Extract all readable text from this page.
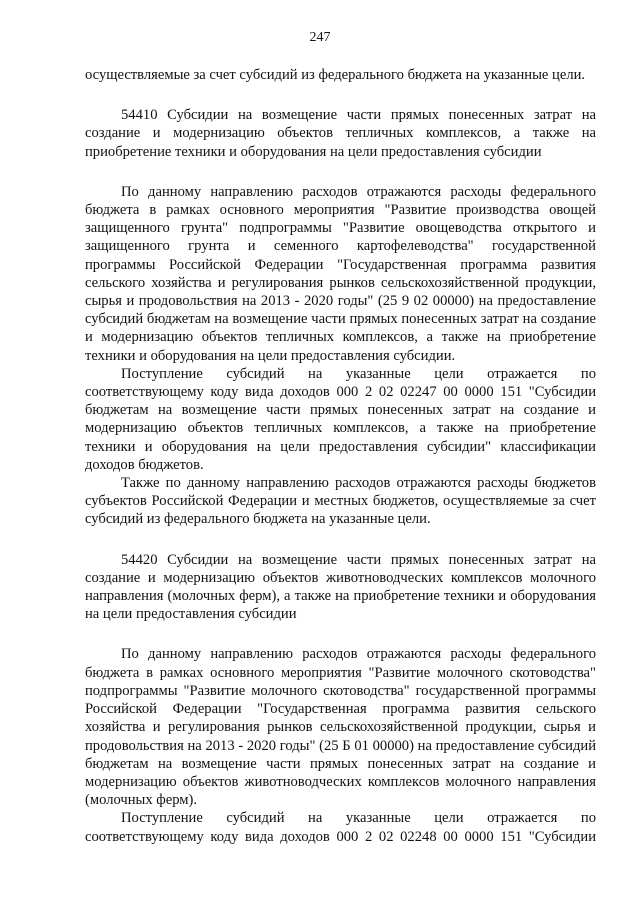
247

осуществляемые за счет субсидий из федерального бюджета на указанные цели.

54410 Субсидии на возмещение части прямых понесенных затрат на создание и модернизацию объектов тепличных комплексов, а также на приобретение техники и оборудования на цели предоставления субсидии

По данному направлению расходов отражаются расходы федерального бюджета в рамках основного мероприятия "Развитие производства овощей защищенного грунта" подпрограммы "Развитие овощеводства открытого и защищенного грунта и семенного картофелеводства" государственной программы Российской Федерации "Государственная программа развития сельского хозяйства и регулирования рынков сельскохозяйственной продукции, сырья и продовольствия на 2013 - 2020 годы" (25 9 02 00000) на предоставление субсидий бюджетам на возмещение части прямых понесенных затрат на создание и модернизацию объектов тепличных комплексов, а также на приобретение техники и оборудования на цели предоставления субсидии.

Поступление субсидий на указанные цели отражается по соответствующему коду вида доходов 000 2 02 02247 00 0000 151 "Субсидии бюджетам на возмещение части прямых понесенных затрат на создание и модернизацию объектов тепличных комплексов, а также на приобретение техники и оборудования на цели предоставления субсидии" классификации доходов бюджетов.

Также по данному направлению расходов отражаются расходы бюджетов субъектов Российской Федерации и местных бюджетов, осуществляемые за счет субсидий из федерального бюджета на указанные цели.

54420 Субсидии на возмещение части прямых понесенных затрат на создание и модернизацию объектов животноводческих комплексов молочного направления (молочных ферм), а также на приобретение техники и оборудования на цели предоставления субсидии

По данному направлению расходов отражаются расходы федерального бюджета в рамках основного мероприятия "Развитие молочного скотоводства" подпрограммы "Развитие молочного скотоводства" государственной программы Российской Федерации "Государственная программа развития сельского хозяйства и регулирования рынков сельскохозяйственной продукции, сырья и продовольствия на 2013 - 2020 годы" (25 Б 01 00000) на предоставление субсидий бюджетам на возмещение части прямых понесенных затрат на создание и модернизацию объектов животноводческих комплексов молочного направления (молочных ферм).

Поступление субсидий на указанные цели отражается по соответствующему коду вида доходов 000 2 02 02248 00 0000 151 "Субсидии
